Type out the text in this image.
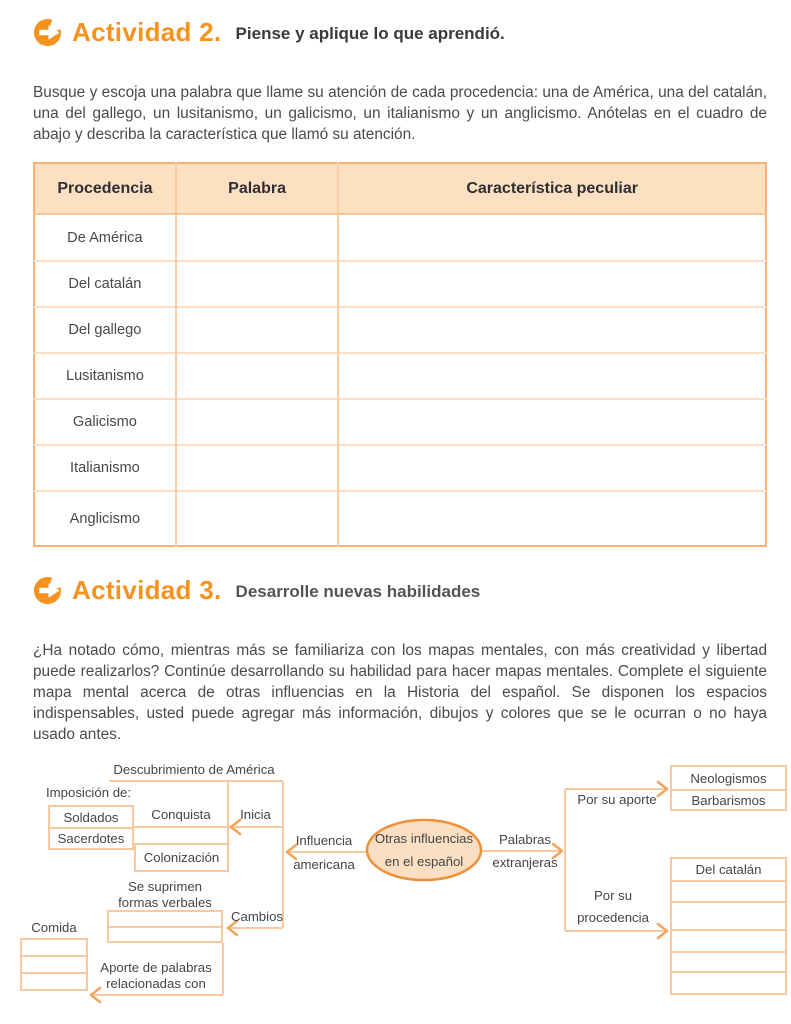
Actividad 2. Piense y aplique lo que aprendió.

Busque y escoja una palabra que llame su atención de cada procedencia: una de América, una del catalán, una del gallego, un lusitanismo, un galicismo, un italianismo y un anglicismo. Anótelas en el cuadro de abajo y describa la característica que llamó su atención.

Procedencia	Palabra	Característica peculiar
De América		
Del catalán		
Del gallego		
Lusitanismo		
Galicismo		
Italianismo		
Anglicismo		
Actividad 3. Desarrolle nuevas habilidades

¿Ha notado cómo, mientras más se familiariza con los mapas mentales, con más creatividad y libertad puede realizarlos? Continúe desarrollando su habilidad para hacer mapas mentales. Complete el siguiente mapa mental acerca de otras influencias en la Historia del español. Se disponen los espacios indispensables, usted puede agregar más información, dibujos y colores que se le ocurran o no haya usado antes.

Otras influencias
en el español
Descubrimiento de América
Imposición de:
Conquista	Inicia
Influencia
americana
Se suprimen
formas verbales
Cambios
Comida
Aporte de palabras
relacionadas con
Palabras
extranjeras
Por su aporte
Por su
procedencia
Soldados
Sacerdotes
Colonización
Neologismos
Barbarismos
Del catalán
